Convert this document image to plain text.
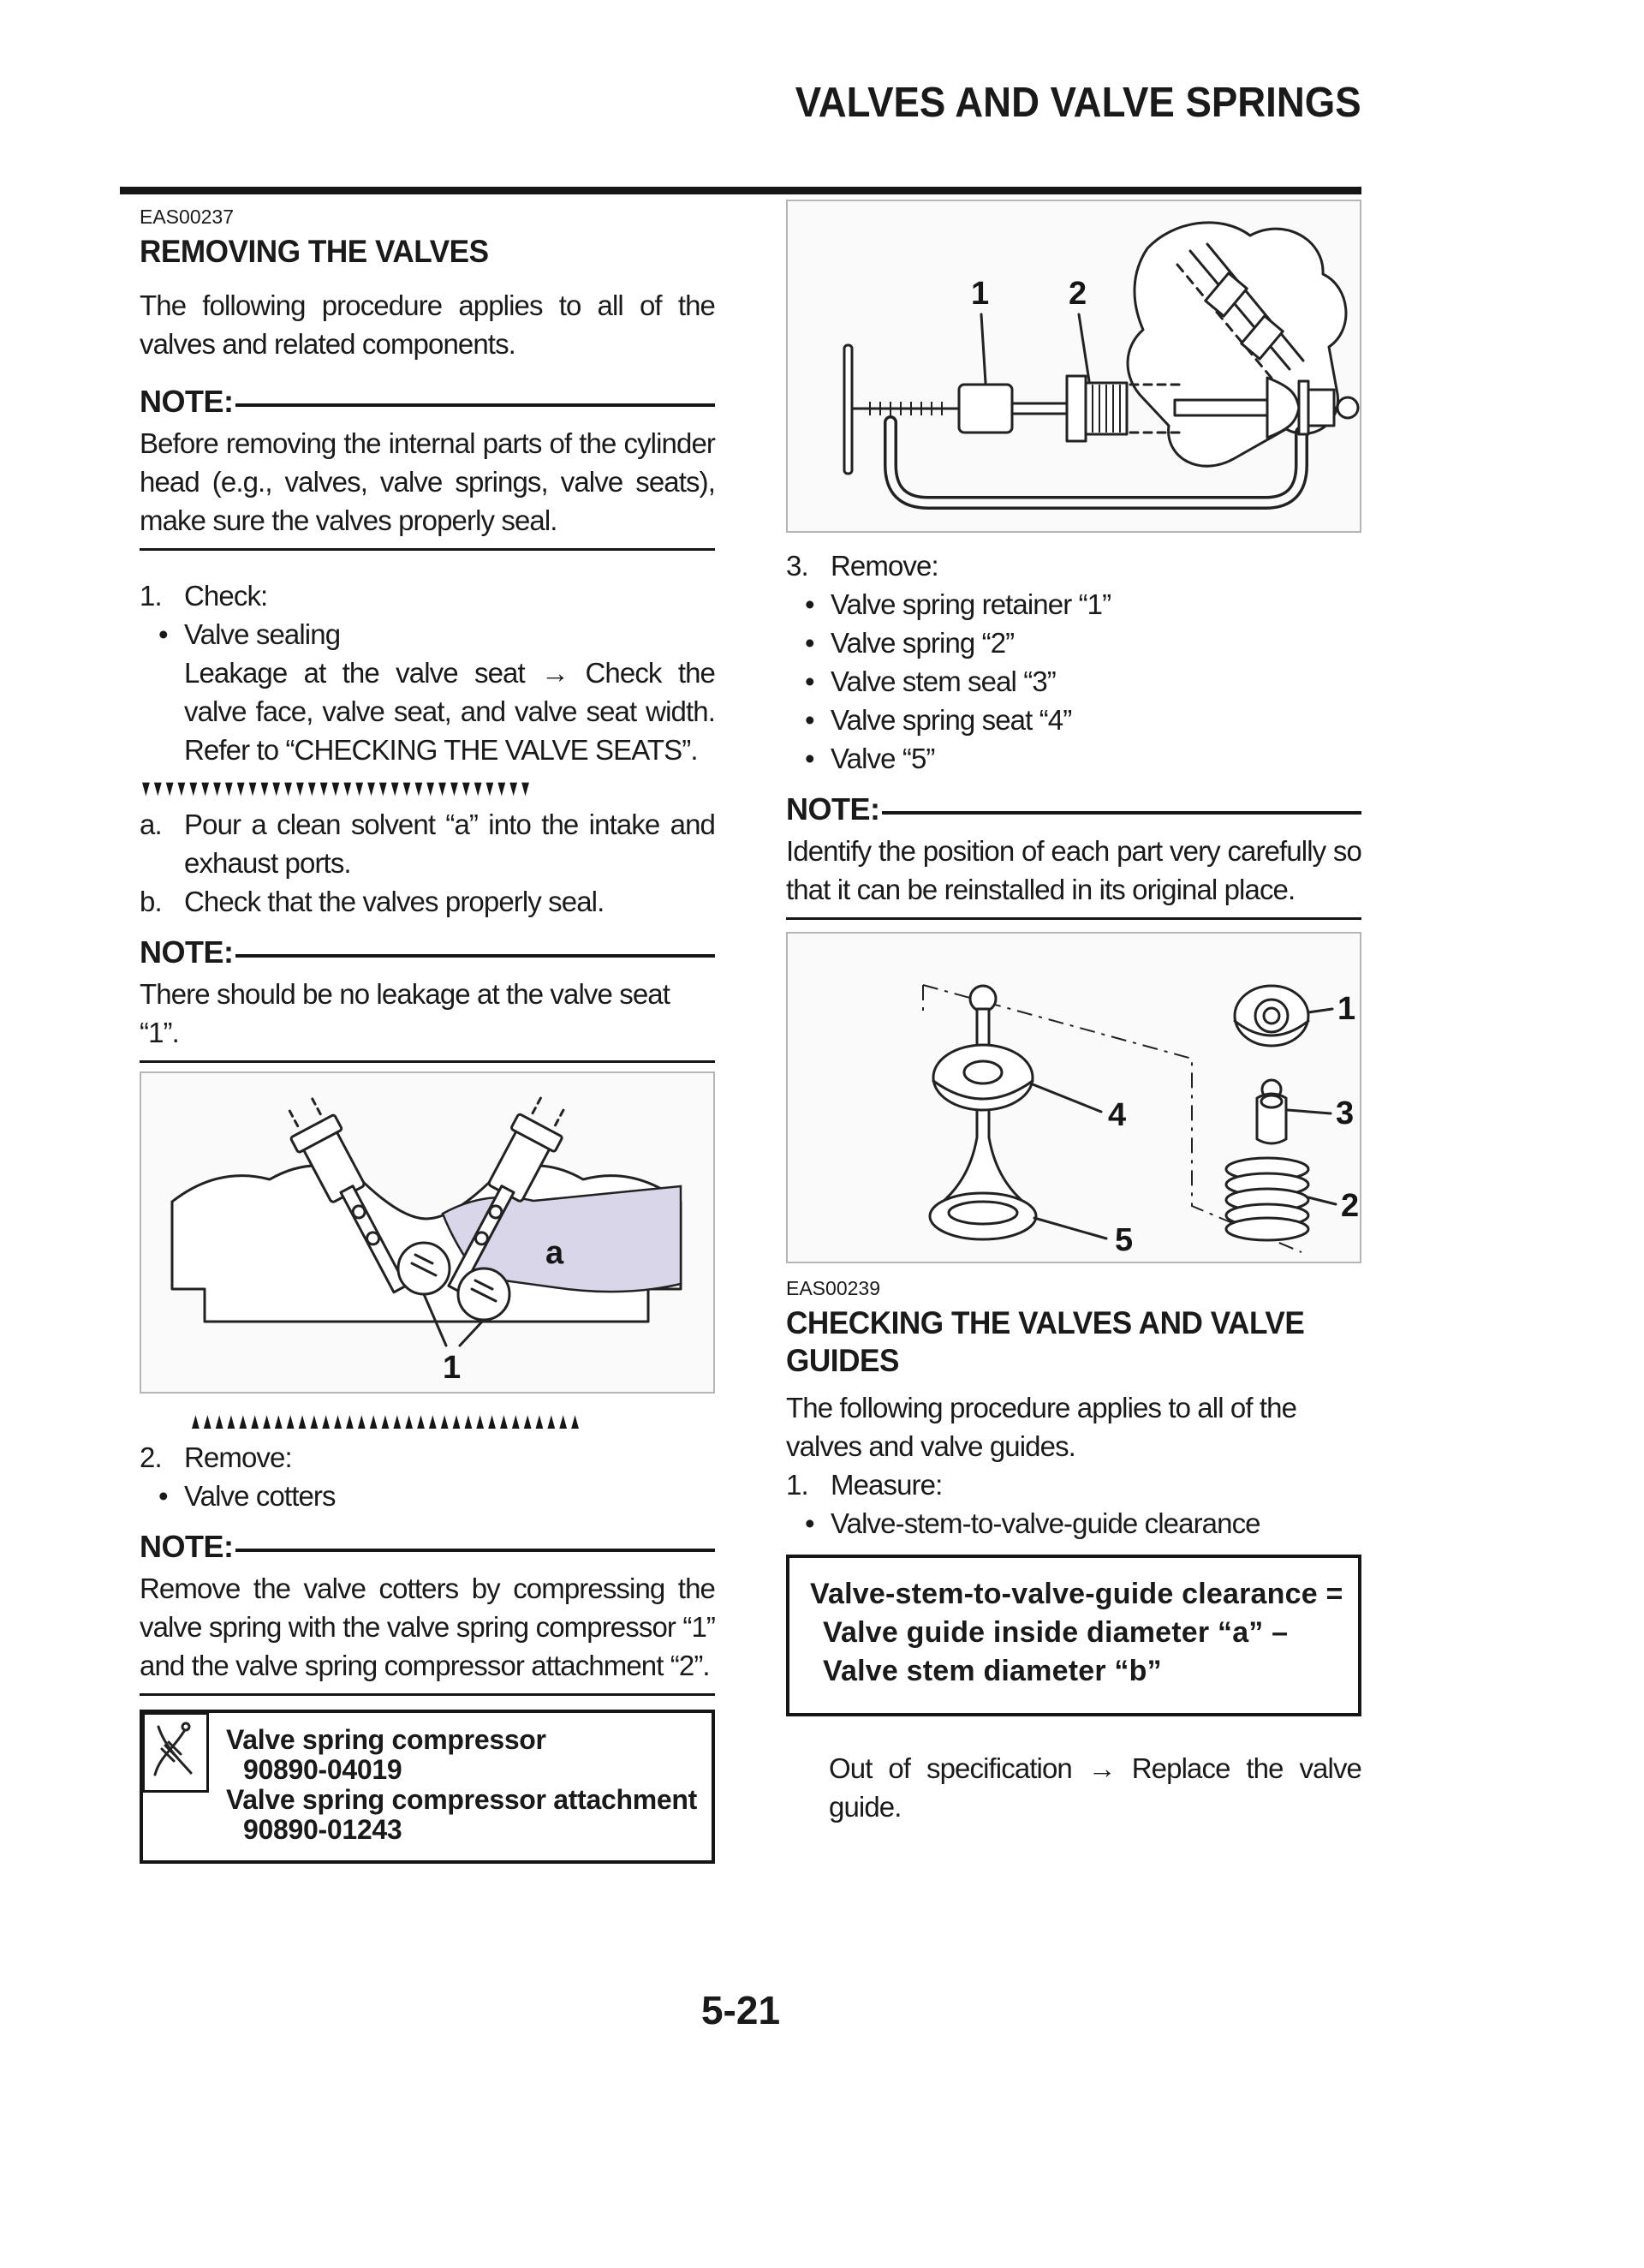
VALVES AND VALVE SPRINGS
EAS00237
REMOVING THE VALVES

The following procedure applies to all of the valves and related components.

NOTE:

Before removing the internal parts of the cylinder head (e.g., valves, valve springs, valve seats), make sure the valves properly seal.

1. Check:
• Valve sealing

Leakage at the valve seat → Check the valve face, valve seat, and valve seat width. Refer to “CHECKING THE VALVE SEATS”.

▼▼▼▼▼▼▼▼▼▼▼▼▼▼▼▼▼▼▼▼▼▼▼▼▼▼▼▼▼▼▼▼▼
a. Pour a clean solvent “a” into the intake and exhaust ports.
b. Check that the valves properly seal.
NOTE:

There should be no leakage at the valve seat “1”.

a
1
▲▲▲▲▲▲▲▲▲▲▲▲▲▲▲▲▲▲▲▲▲▲▲▲▲▲▲▲▲▲▲▲▲
2. Remove:
• Valve cotters
NOTE:

Remove the valve cotters by compressing the valve spring with the valve spring compressor “1” and the valve spring compressor attachment “2”.

Valve spring compressor
90890-04019
Valve spring compressor attachment
90890-01243
1 2
3. Remove:
• Valve spring retainer “1”
• Valve spring “2”
• Valve stem seal “3”
• Valve spring seat “4”
• Valve “5”
NOTE:

Identify the position of each part very carefully so that it can be reinstalled in its original place.

4
5
1
3
2
EAS00239
CHECKING THE VALVES AND VALVE GUIDES

The following procedure applies to all of the valves and valve guides.

1. Measure:
• Valve-stem-to-valve-guide clearance
Valve-stem-to-valve-guide clearance =
Valve guide inside diameter “a” –
Valve stem diameter “b”

Out of specification → Replace the valve guide.

5-21
